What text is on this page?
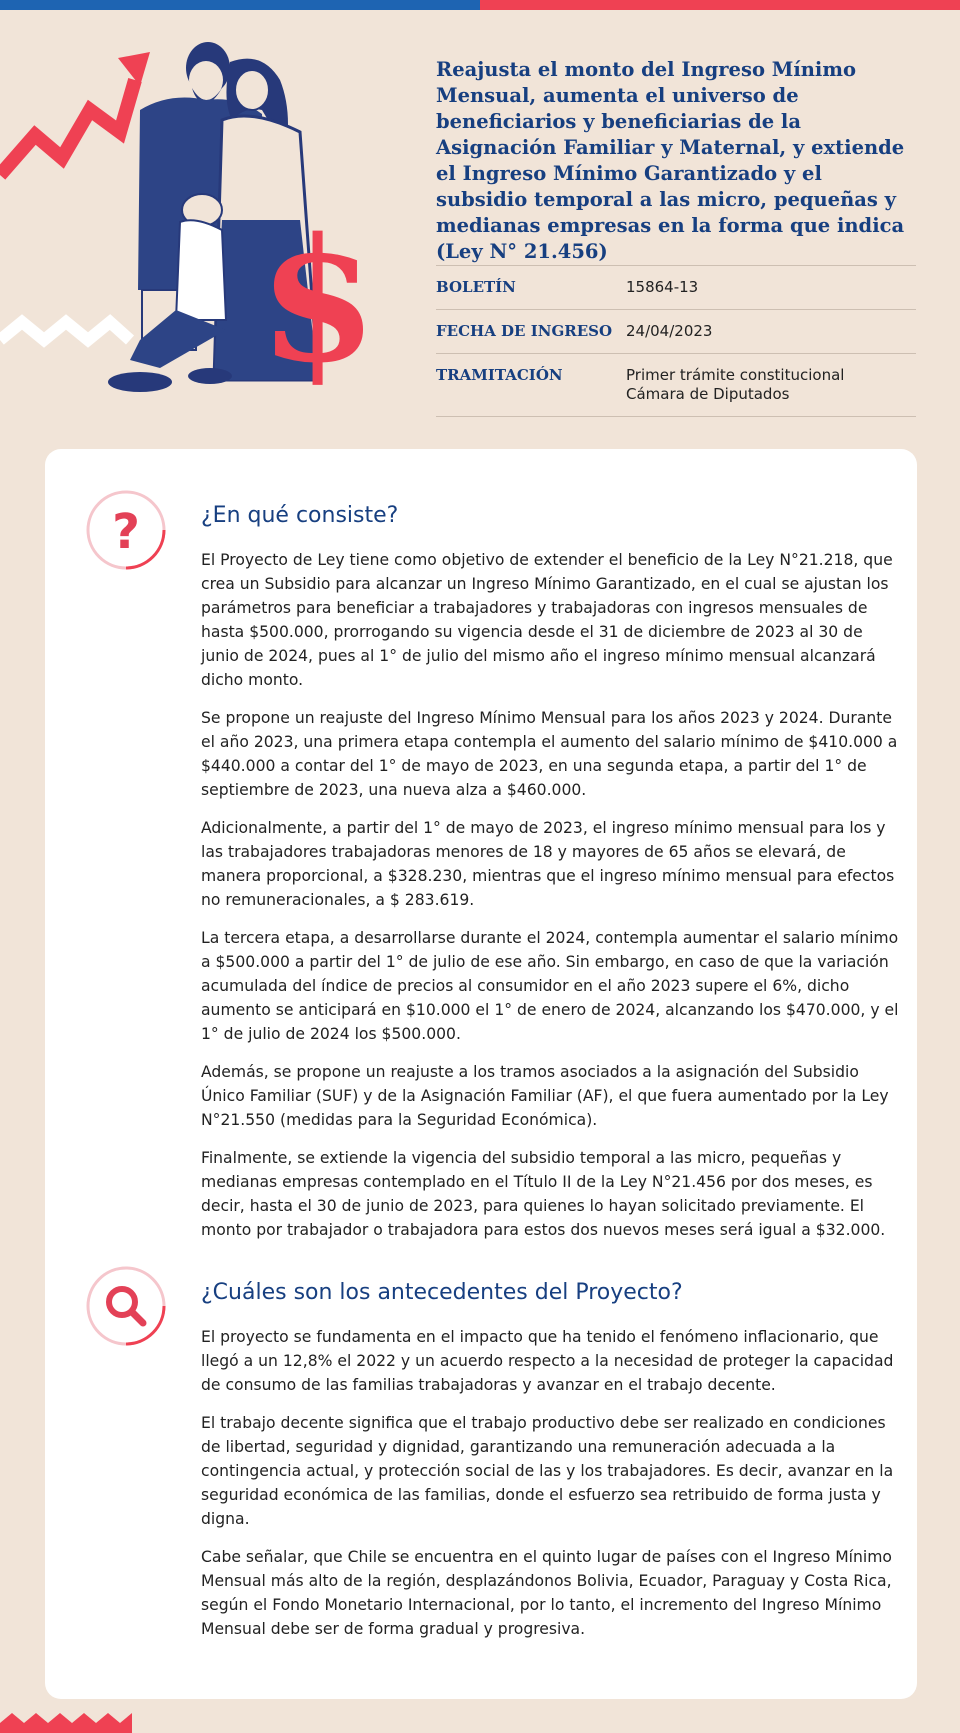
$
Reajusta el monto del Ingreso Mínimo Mensual, aumenta el universo de beneficiarios y beneficiarias de la Asignación Familiar y Maternal, y extiende el Ingreso Mínimo Garantizado y el subsidio temporal a las micro, pequeñas y medianas empresas en la forma que indica (Ley N° 21.456)
BOLETÍN	15864-13
FECHA DE INGRESO 24/04/2023
TRAMITACIÓN	Primer trámite constitucional
Cámara de Diputados
?	¿En qué consiste?

El Proyecto de Ley tiene como objetivo de extender el beneficio de la Ley N°21.218, que crea un Subsidio para alcanzar un Ingreso Mínimo Garantizado, en el cual se ajustan los parámetros para beneficiar a trabajadores y trabajadoras con ingresos mensuales de hasta $500.000, prorrogando su vigencia desde el 31 de diciembre de 2023 al 30 de junio de 2024, pues al 1° de julio del mismo año el ingreso mínimo mensual alcanzará dicho monto.

Se propone un reajuste del Ingreso Mínimo Mensual para los años 2023 y 2024. Durante el año 2023, una primera etapa contempla el aumento del salario mínimo de $410.000 a $440.000 a contar del 1° de mayo de 2023, en una segunda etapa, a partir del 1° de septiembre de 2023, una nueva alza a $460.000.

Adicionalmente, a partir del 1° de mayo de 2023, el ingreso mínimo mensual para los y las trabajadores trabajadoras menores de 18 y mayores de 65 años se elevará, de manera proporcional, a $328.230, mientras que el ingreso mínimo mensual para efectos no remuneracionales, a $ 283.619.

La tercera etapa, a desarrollarse durante el 2024, contempla aumentar el salario mínimo a $500.000 a partir del 1° de julio de ese año. Sin embargo, en caso de que la variación acumulada del índice de precios al consumidor en el año 2023 supere el 6%, dicho aumento se anticipará en $10.000 el 1° de enero de 2024, alcanzando los $470.000, y el 1° de julio de 2024 los $500.000.

Además, se propone un reajuste a los tramos asociados a la asignación del Subsidio Único Familiar (SUF) y de la Asignación Familiar (AF), el que fuera aumentado por la Ley N°21.550 (medidas para la Seguridad Económica).

Finalmente, se extiende la vigencia del subsidio temporal a las micro, pequeñas y medianas empresas contemplado en el Título II de la Ley N°21.456 por dos meses, es decir, hasta el 30 de junio de 2023, para quienes lo hayan solicitado previamente. El monto por trabajador o trabajadora para estos dos nuevos meses será igual a $32.000.

¿Cuáles son los antecedentes del Proyecto?

El proyecto se fundamenta en el impacto que ha tenido el fenómeno inflacionario, que llegó a un 12,8% el 2022 y un acuerdo respecto a la necesidad de proteger la capacidad de consumo de las familias trabajadoras y avanzar en el trabajo decente.

El trabajo decente significa que el trabajo productivo debe ser realizado en condiciones de libertad, seguridad y dignidad, garantizando una remuneración adecuada a la contingencia actual, y protección social de las y los trabajadores. Es decir, avanzar en la seguridad económica de las familias, donde el esfuerzo sea retribuido de forma justa y digna.

Cabe señalar, que Chile se encuentra en el quinto lugar de países con el Ingreso Mínimo Mensual más alto de la región, desplazándonos Bolivia, Ecuador, Paraguay y Costa Rica, según el Fondo Monetario Internacional, por lo tanto, el incremento del Ingreso Mínimo Mensual debe ser de forma gradual y progresiva.
